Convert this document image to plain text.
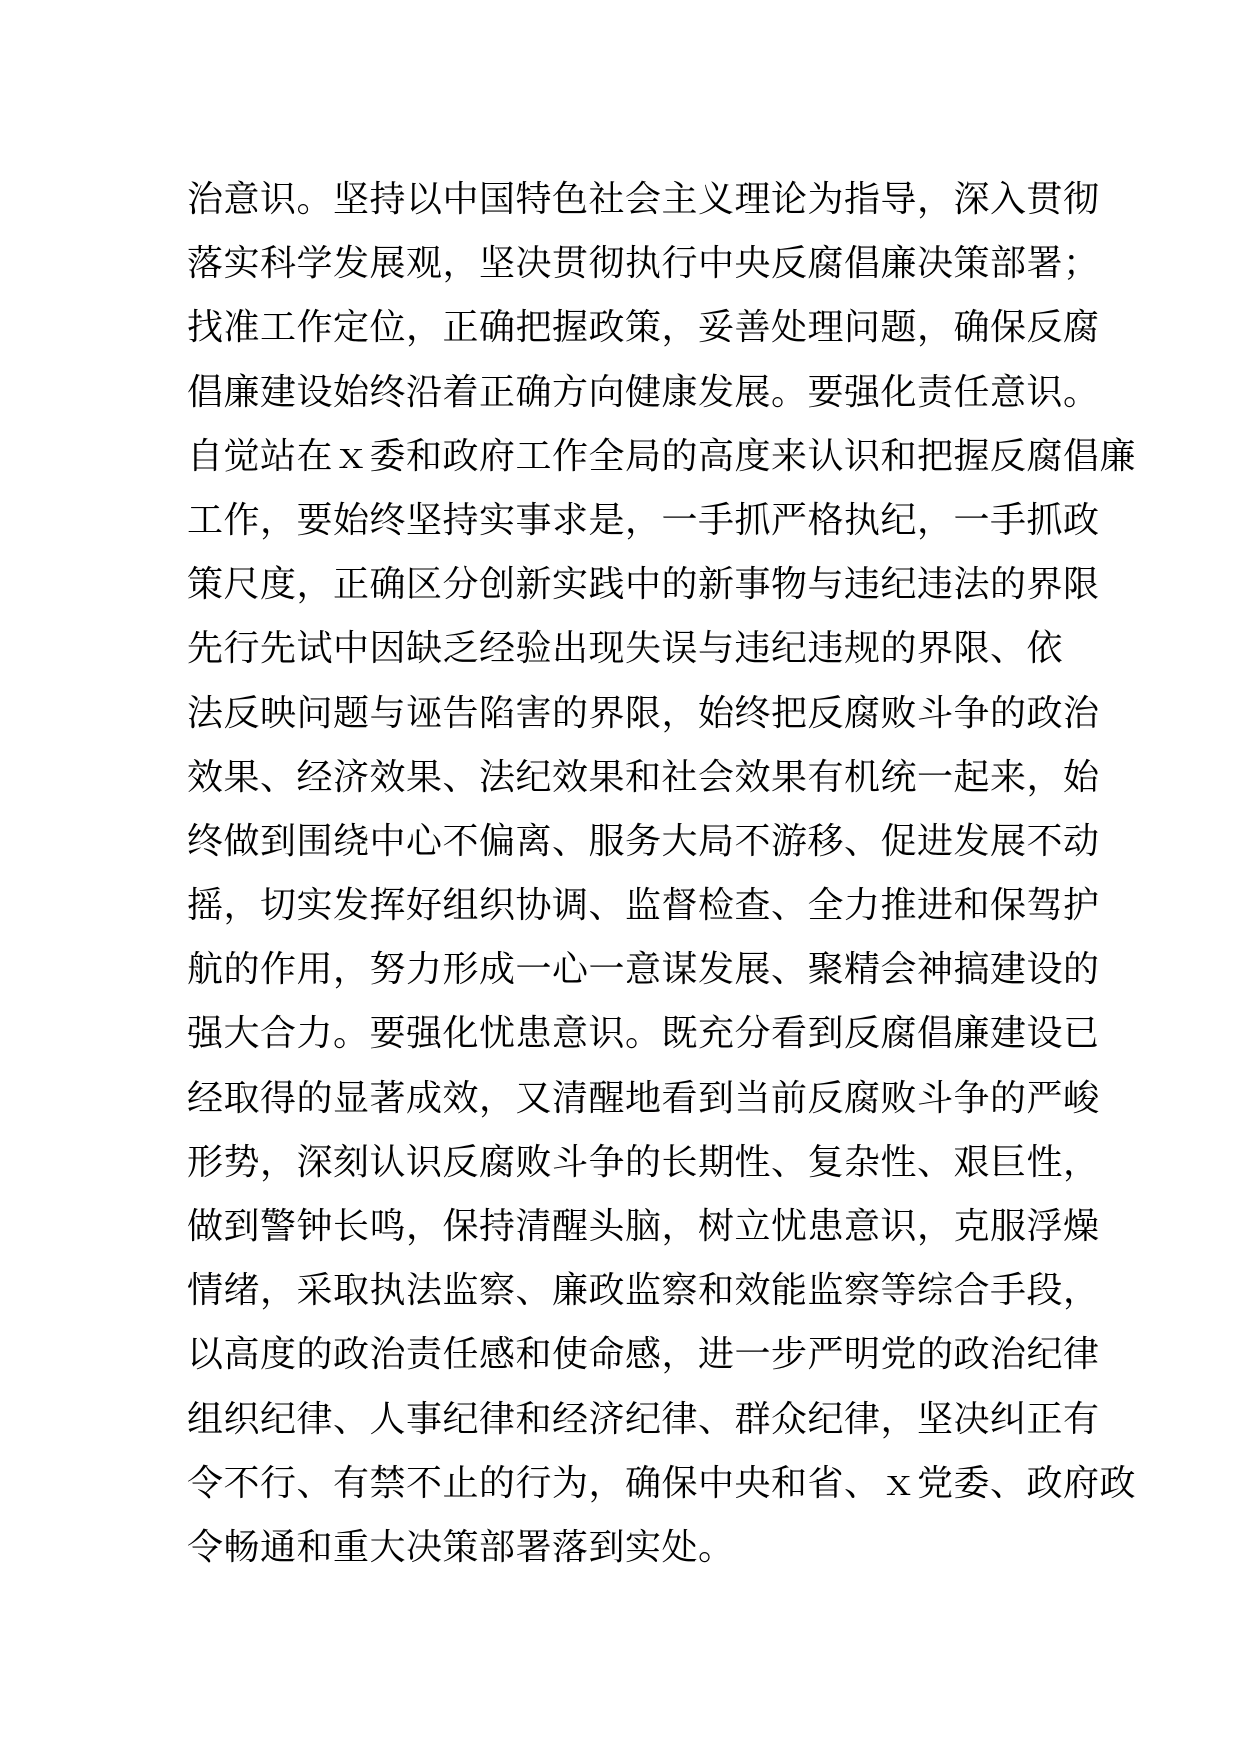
治意识。坚持以中国特色社会主义理论为指导，深入贯彻
落实科学发展观，坚决贯彻执行中央反腐倡廉决策部署；
找准工作定位，正确把握政策，妥善处理问题，确保反腐
倡廉建设始终沿着正确方向健康发展。要强化责任意识。
自觉站在ｘ委和政府工作全局的高度来认识和把握反腐倡廉
工作，要始终坚持实事求是，一手抓严格执纪，一手抓政
策尺度，正确区分创新实践中的新事物与违纪违法的界限
先行先试中因缺乏经验出现失误与违纪违规的界限、依
法反映问题与诬告陷害的界限，始终把反腐败斗争的政治
效果、经济效果、法纪效果和社会效果有机统一起来，始
终做到围绕中心不偏离、服务大局不游移、促进发展不动
摇，切实发挥好组织协调、监督检查、全力推进和保驾护
航的作用，努力形成一心一意谋发展、聚精会神搞建设的
强大合力。要强化忧患意识。既充分看到反腐倡廉建设已
经取得的显著成效，又清醒地看到当前反腐败斗争的严峻
形势，深刻认识反腐败斗争的长期性、复杂性、艰巨性，
做到警钟长鸣，保持清醒头脑，树立忧患意识，克服浮燥
情绪，采取执法监察、廉政监察和效能监察等综合手段，
以高度的政治责任感和使命感，进一步严明党的政治纪律
组织纪律、人事纪律和经济纪律、群众纪律，坚决纠正有
令不行、有禁不止的行为，确保中央和省、ｘ党委、政府政
令畅通和重大决策部署落到实处。
